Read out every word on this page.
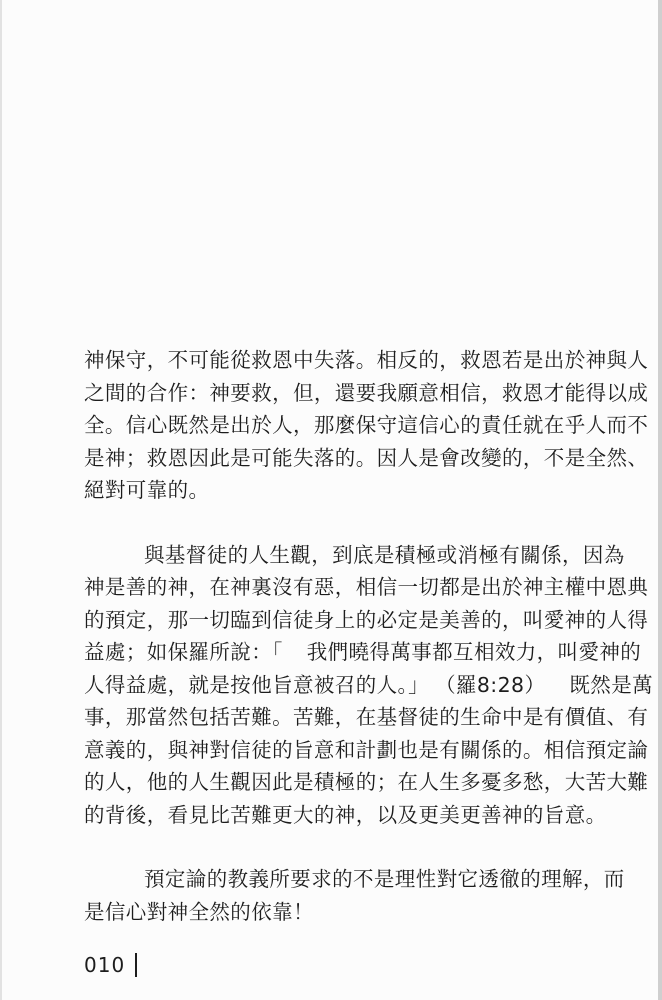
神保守，不可能從救恩中失落。相反的，救恩若是出於神與人
之間的合作：神要救，但，還要我願意相信，救恩才能得以成
全。信心既然是出於人，那麼保守這信心的責任就在乎人而不
是神；救恩因此是可能失落的。因人是會改變的，不是全然、
絕對可靠的。

與基督徒的人生觀，到底是積極或消極有關係，因為
神是善的神，在神裏沒有惡，相信一切都是出於神主權中恩典
的預定，那一切臨到信徒身上的必定是美善的，叫愛神的人得
益處；如保羅所說：「 我們曉得萬事都互相效力，叫愛神的
人得益處，就是按他旨意被召的人。」 （羅8:28） 既然是萬
事，那當然包括苦難。苦難，在基督徒的生命中是有價值、有
意義的，與神對信徒的旨意和計劃也是有關係的。相信預定論
的人，他的人生觀因此是積極的；在人生多憂多愁，大苦大難
的背後，看見比苦難更大的神，以及更美更善神的旨意。

預定論的教義所要求的不是理性對它透徹的理解，而
是信心對神全然的依靠！

010
